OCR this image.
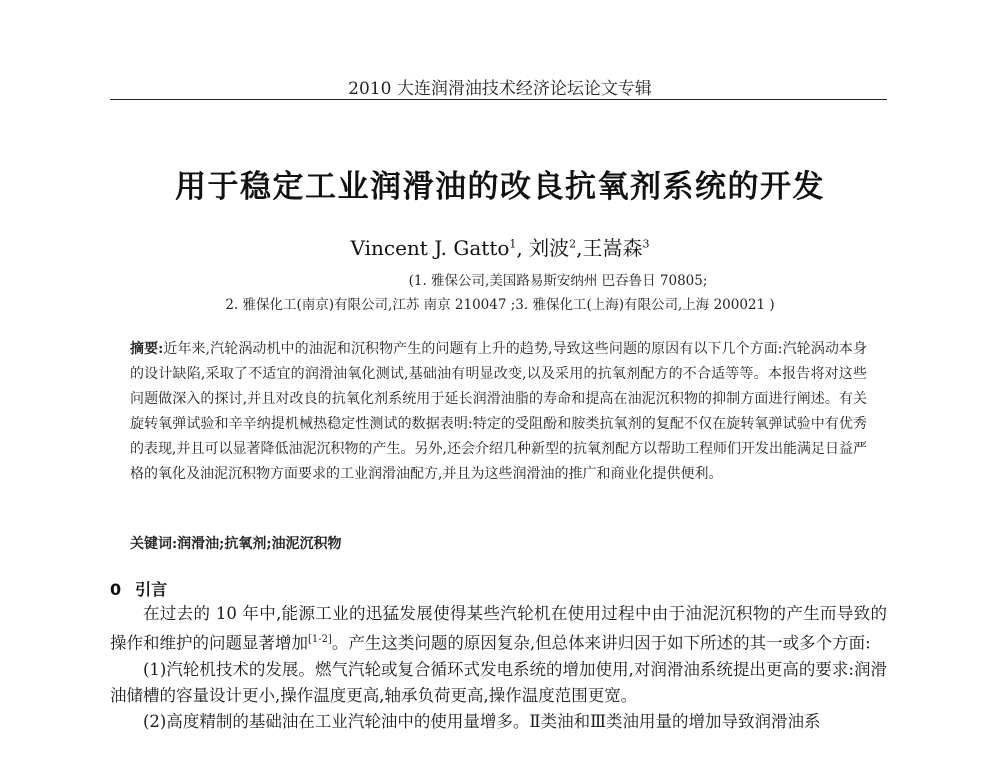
2010 大连润滑油技术经济论坛论文专辑
用于稳定工业润滑油的改良抗氧剂系统的开发
Vincent J. Gatto$^1$, 刘波$^2$,王嵩森$^3$
(1. 雅保公司,美国路易斯安纳州 巴吞鲁日 70805;
2. 雅保化工(南京)有限公司,江苏 南京 210047 ;3. 雅保化工(上海)有限公司,上海 200021 )
摘要:近年来,汽轮涡动机中的油泥和沉积物产生的问题有上升的趋势,导致这些问题的原因有以下几个方面:汽轮涡动本身的设计缺陷,采取了不适宜的润滑油氧化测试,基础油有明显改变,以及采用的抗氧剂配方的不合适等等。本报告将对这些问题做深入的探讨,并且对改良的抗氧化剂系统用于延长润滑油脂的寿命和提高在油泥沉积物的抑制方面进行阐述。有关旋转氧弹试验和辛辛纳提机械热稳定性测试的数据表明:特定的受阻酚和胺类抗氧剂的复配不仅在旋转氧弹试验中有优秀的表现,并且可以显著降低油泥沉积物的产生。另外,还会介绍几种新型的抗氧剂配方以帮助工程师们开发出能满足日益严格的氧化及油泥沉积物方面要求的工业润滑油配方,并且为这些润滑油的推广和商业化提供便利。
关键词:润滑油;抗氧剂;油泥沉积物
0 引言

在过去的 10 年中,能源工业的迅猛发展使得某些汽轮机在使用过程中由于油泥沉积物的产生而导致的操作和维护的问题显著增加[1-2]。产生这类问题的原因复杂,但总体来讲归因于如下所述的其一或多个方面:

(1)汽轮机技术的发展。燃气汽轮或复合循环式发电系统的增加使用,对润滑油系统提出更高的要求:润滑油储槽的容量设计更小,操作温度更高,轴承负荷更高,操作温度范围更宽。

(2)高度精制的基础油在工业汽轮油中的使用量增多。Ⅱ类油和Ⅲ类油用量的增加导致润滑油系
